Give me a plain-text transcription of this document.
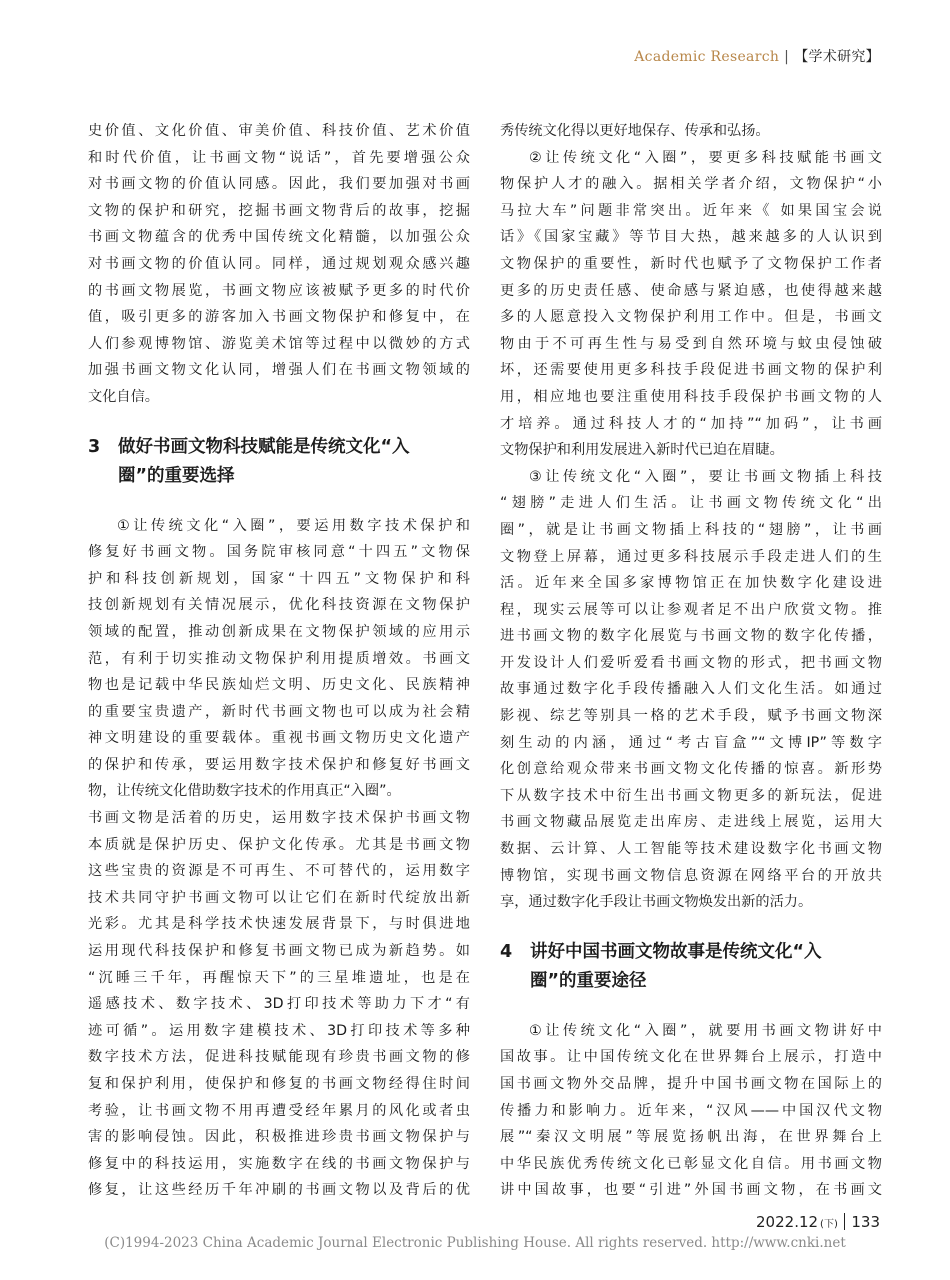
Academic Research | 【学术研究】
史价值、文化价值、审美价值、科技价值、艺术价值
和时代价值，让书画文物“说话”，首先要增强公众
对书画文物的价值认同感。因此，我们要加强对书画
文物的保护和研究，挖掘书画文物背后的故事，挖掘
书画文物蕴含的优秀中国传统文化精髓，以加强公众
对书画文物的价值认同。同样，通过规划观众感兴趣
的书画文物展览，书画文物应该被赋予更多的时代价
值，吸引更多的游客加入书画文物保护和修复中，在
人们参观博物馆、游览美术馆等过程中以微妙的方式
加强书画文物文化认同，增强人们在书画文物领域的
文化自信。
3 做好书画文物科技赋能是传统文化“入
圈”的重要选择
①让传统文化“入圈”，要运用数字技术保护和
修复好书画文物。国务院审核同意“十四五”文物保
护和科技创新规划，国家“十四五”文物保护和科
技创新规划有关情况展示，优化科技资源在文物保护
领域的配置，推动创新成果在文物保护领域的应用示
范，有利于切实推动文物保护利用提质增效。书画文
物也是记载中华民族灿烂文明、历史文化、民族精神
的重要宝贵遗产，新时代书画文物也可以成为社会精
神文明建设的重要载体。重视书画文物历史文化遗产
的保护和传承，要运用数字技术保护和修复好书画文
物，让传统文化借助数字技术的作用真正“入圈”。
书画文物是活着的历史，运用数字技术保护书画文物
本质就是保护历史、保护文化传承。尤其是书画文物
这些宝贵的资源是不可再生、不可替代的，运用数字
技术共同守护书画文物可以让它们在新时代绽放出新
光彩。尤其是科学技术快速发展背景下，与时俱进地
运用现代科技保护和修复书画文物已成为新趋势。如
“沉睡三千年，再醒惊天下”的三星堆遗址，也是在
遥感技术、数字技术、3D打印技术等助力下才“有
迹可循”。运用数字建模技术、3D打印技术等多种
数字技术方法，促进科技赋能现有珍贵书画文物的修
复和保护利用，使保护和修复的书画文物经得住时间
考验，让书画文物不用再遭受经年累月的风化或者虫
害的影响侵蚀。因此，积极推进珍贵书画文物保护与
修复中的科技运用，实施数字在线的书画文物保护与
修复，让这些经历千年冲刷的书画文物以及背后的优
秀传统文化得以更好地保存、传承和弘扬。
②让传统文化“入圈”，要更多科技赋能书画文
物保护人才的融入。据相关学者介绍，文物保护“小
马拉大车”问题非常突出。近年来《 如果国宝会说
话》《国家宝藏》等节目大热，越来越多的人认识到
文物保护的重要性，新时代也赋予了文物保护工作者
更多的历史责任感、使命感与紧迫感，也使得越来越
多的人愿意投入文物保护利用工作中。但是，书画文
物由于不可再生性与易受到自然环境与蚊虫侵蚀破
坏，还需要使用更多科技手段促进书画文物的保护利
用，相应地也要注重使用科技手段保护书画文物的人
才培养。通过科技人才的“加持”“加码”，让书画
文物保护和利用发展进入新时代已迫在眉睫。
③让传统文化“入圈”，要让书画文物插上科技
“翅膀”走进人们生活。让书画文物传统文化“出
圈”，就是让书画文物插上科技的“翅膀”，让书画
文物登上屏幕，通过更多科技展示手段走进人们的生
活。近年来全国多家博物馆正在加快数字化建设进
程，现实云展等可以让参观者足不出户欣赏文物。推
进书画文物的数字化展览与书画文物的数字化传播，
开发设计人们爱听爱看书画文物的形式，把书画文物
故事通过数字化手段传播融入人们文化生活。如通过
影视、综艺等别具一格的艺术手段，赋予书画文物深
刻生动的内涵，通过“考古盲盒”“文博IP”等数字
化创意给观众带来书画文物文化传播的惊喜。新形势
下从数字技术中衍生出书画文物更多的新玩法，促进
书画文物藏品展览走出库房、走进线上展览，运用大
数据、云计算、人工智能等技术建设数字化书画文物
博物馆，实现书画文物信息资源在网络平台的开放共
享，通过数字化手段让书画文物焕发出新的活力。
4 讲好中国书画文物故事是传统文化“入
圈”的重要途径
①让传统文化“入圈”，就要用书画文物讲好中
国故事。让中国传统文化在世界舞台上展示，打造中
国书画文物外交品牌，提升中国书画文物在国际上的
传播力和影响力。近年来，“汉风——中国汉代文物
展”“秦汉文明展”等展览扬帆出海，在世界舞台上
中华民族优秀传统文化已彰显文化自信。用书画文物
讲中国故事，也要“引进”外国书画文物，在书画文
2022.12 (下) 133
(C)1994-2023 China Academic Journal Electronic Publishing House. All rights reserved. http://www.cnki.net
